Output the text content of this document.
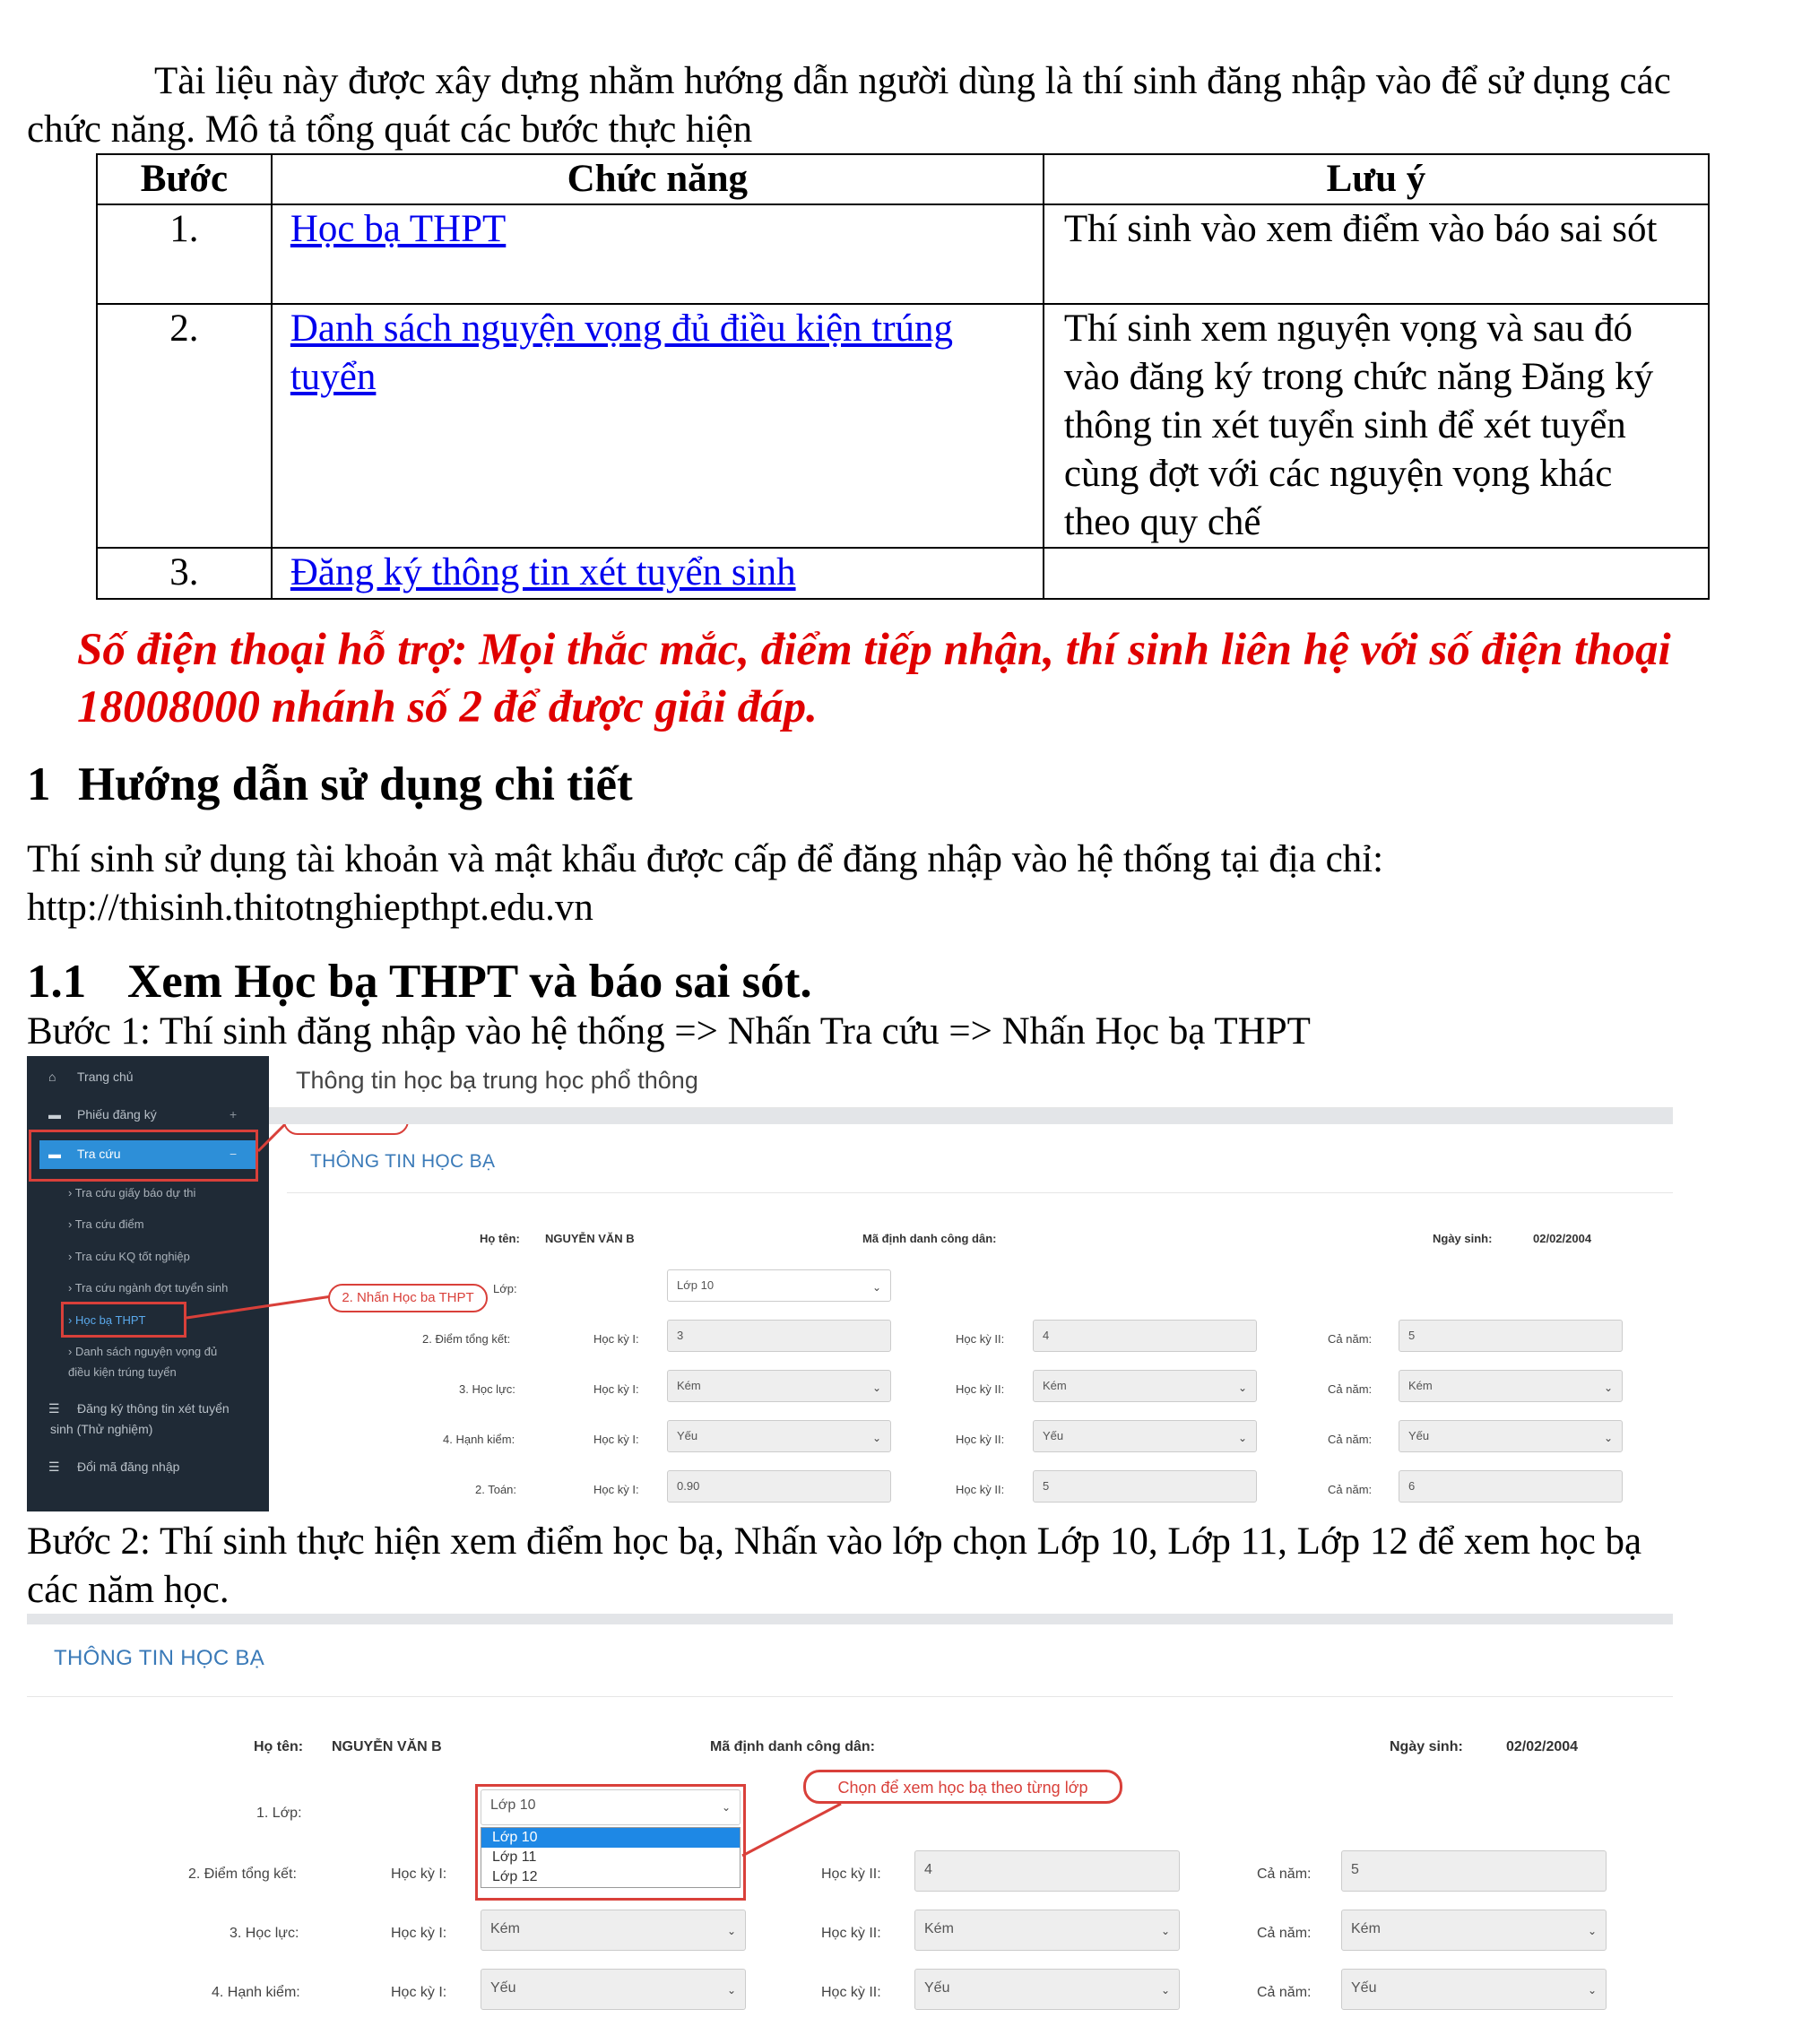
Tài liệu này được xây dựng nhằm hướng dẫn người dùng là thí sinh đăng nhập vào để sử dụng các chức năng. Mô tả tổng quát các bước thực hiện
Bước	Chức năng	Lưu ý
1.	Học bạ THPT	Thí sinh vào xem điểm vào báo sai sót
2.	Danh sách nguyện vọng đủ điều kiện trúng tuyển	Thí sinh xem nguyện vọng và sau đó vào đăng ký trong chức năng Đăng ký thông tin xét tuyển sinh để xét tuyển cùng đợt với các nguyện vọng khác theo quy chế
3.	Đăng ký thông tin xét tuyển sinh	
Số điện thoại hỗ trợ: Mọi thắc mắc, điểm tiếp nhận, thí sinh liên hệ với số điện thoại 18008000 nhánh số 2 để được giải đáp.
1 Hướng dẫn sử dụng chi tiết
Thí sinh sử dụng tài khoản và mật khẩu được cấp để đăng nhập vào hệ thống tại địa chỉ:
http://thisinh.thitotnghiepthpt.edu.vn
1.1 Xem Học bạ THPT và báo sai sót.
Bước 1: Thí sinh đăng nhập vào hệ thống => Nhấn Tra cứu => Nhấn Học bạ THPT
⌂ Trang chủ
▬ Phiếu đăng ký	+
▬ Tra cứu	−
› Tra cứu giấy báo dự thi
› Tra cứu điểm
› Tra cứu KQ tốt nghiệp
› Tra cứu ngành đợt tuyển sinh
› Học bạ THPT
› Danh sách nguyện vọng đủ
điều kiện trúng tuyển
☰ Đăng ký thông tin xét tuyển
sinh (Thử nghiệm)
☰ Đổi mã đăng nhập
2. Nhấn Học ba THPT
Thông tin học bạ trung học phổ thông
THÔNG TIN HỌC BẠ
Họ tên: NGUYỄN VĂN B	Mã định danh công dân:	Ngày sinh:	02/02/2004
Lớp:	Lớp 10	⌄
2. Điểm tổng kết:	Học kỳ I:	3	Học kỳ II:	4	Cả năm:	5
3. Học lực:	Học kỳ I:	Kém	⌄	Học kỳ II:	Kém	⌄	Cả năm:	Kém	⌄
4. Hạnh kiểm:	Học kỳ I:	Yếu	⌄	Học kỳ II:	Yếu	⌄	Cả năm:	Yếu	⌄
2. Toán:	Học kỳ I:	0.90	Học kỳ II:	5	Cả năm:	6
Bước 2: Thí sinh thực hiện xem điểm học bạ, Nhấn vào lớp chọn Lớp 10, Lớp 11, Lớp 12 để xem học bạ các năm học.
THÔNG TIN HỌC BẠ
Họ tên: NGUYỄN VĂN B	Mã định danh công dân:	Ngày sinh:	02/02/2004
1. Lớp:
Lớp 10	⌄
Lớp 10
Lớp 11
Lớp 12
Chọn để xem học bạ theo từng lớp
2. Điểm tổng kết:	Học kỳ I:	Học kỳ II:	4	Cả năm:	5
3. Học lực:	Học kỳ I:	Kém	⌄	Học kỳ II:	Kém	⌄	Cả năm:	Kém	⌄
4. Hạnh kiểm:	Học kỳ I:	Yếu	⌄	Học kỳ II:	Yếu	⌄	Cả năm:	Yếu	⌄
